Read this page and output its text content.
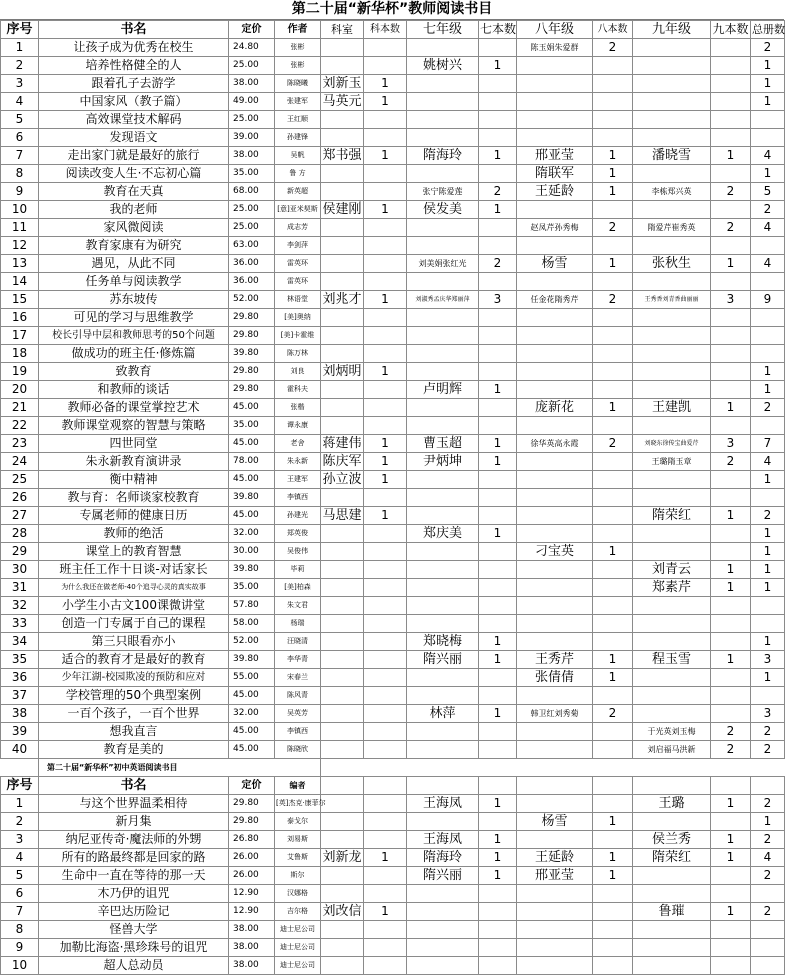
第二十届“新华杯”教师阅读书目
序号	书名	定价	作者	科室	科本数	七年级	七本数	八年级	八本数	九年级	九本数	总册数
1	让孩子成为优秀在校生	24.80	张彬					陈玉娟朱爱群	2			2
2	培养性格健全的人	25.00	张彬			姚树兴	1					1
3	跟着孔子去游学	38.00	陈晓曦	刘新玉	1							1
4	中国家风（教子篇）	49.00	张建军	马英元	1							1
5	高效课堂技术解码	25.00	王红顺									
6	发现语文	39.00	孙建锋									
7	走出家门就是最好的旅行	38.00	吴帆	郑书强	1	隋海玲	1	邢亚莹	1	潘晓雪	1	4
8	阅读改变人生·不忘初心篇	35.00	鲁 方					隋联军	1			1
9	教育在天真	68.00	新英超			张宁陈爱莲	2	王延龄	1	李栋郑兴英	2	5
10	我的老师	25.00	[意]亚米契斯	侯建刚	1	侯发美	1					2
11	家风微阅读	25.00	成志芳					赵凤芹孙秀梅	2	隋爱芹崔秀英	2	4
12	教育家康有为研究	63.00	李剑萍									
13	遇见，从此不同	36.00	雷英环			刘美娟张红光	2	杨雪	1	张秋生	1	4
14	任务单与阅读教学	36.00	雷英环									
15	苏东坡传	52.00	林语堂	刘兆才	1	刘淑秀孟庆华郑丽萍	3	任金花隋秀芹	2	王秀香刘青香曲丽丽	3	9
16	可见的学习与思维教学	29.80	[美]奥纳									
17	校长引导中层和教师思考的50个问题	29.80	[美]卡霍维									
18	做成功的班主任·修炼篇	39.80	陈万林									
19	致教育	29.80	刘良	刘炳明	1							1
20	和教师的谈话	29.80	霍科夫			卢明辉	1					1
21	教师必备的课堂掌控艺术	45.00	张楷					庞新花	1	王建凯	1	2
22	教师课堂观察的智慧与策略	35.00	谭永康									
23	四世同堂	45.00	老舍	蒋建伟	1	曹玉超	1	徐华英高永霞	2	刘晓东徐传宝曲爱芹	3	7
24	朱永新教育演讲录	78.00	朱永新	陈庆军	1	尹炳坤	1			王璐隋玉章	2	4
25	衡中精神	45.00	王建军	孙立波	1							1
26	教与育：名师谈家校教育	39.80	李镇西									
27	专属老师的健康日历	45.00	孙建光	马思建	1					隋荣红	1	2
28	教师的绝活	32.00	郑英俊			郑庆美	1					1
29	课堂上的教育智慧	30.00	吴俊伟					刁宝英	1			1
30	班主任工作十日谈-对话家长	39.80	毕莉							刘青云	1	1
31	为什么我还在做老师-40个追寻心灵的真实故事	35.00	[美]柏森							郑素芹	1	1
32	小学生小古文100课微讲堂	57.80	朱文君									
33	创造一门专属于自己的课程	58.00	杨瑞									
34	第三只眼看亦小	52.00	汪晓清			郑晓梅	1					1
35	适合的教育才是最好的教育	39.80	李华青			隋兴丽	1	王秀芹	1	程玉雪	1	3
36	少年江湖-校园欺凌的预防和应对	55.00	宋春兰					张倩倩	1			1
37	学校管理的50个典型案例	45.00	陈风青									
38	一百个孩子，一百个世界	32.00	吴英芳			林萍	1	韩卫红刘秀菊	2			3
39	想我直言	45.00	李镇西							于光英刘玉梅	2	2
40	教育是美的	45.00	陈晓欣							刘启福马洪新	2	2
	第二十届“新华杯”初中英语阅读书目											
序号	书名	定价	编者									
1	与这个世界温柔相待	29.80	[英]杰克·康菲尔			王海凤	1			王璐	1	2
2	新月集	29.80	泰戈尔					杨雪	1			1
3	纳尼亚传奇·魔法师的外甥	26.80	刘易斯			王海凤	1			侯兰秀	1	2
4	所有的路最终都是回家的路	26.00	艾鲁斯	刘新龙	1	隋海玲	1	王延龄	1	隋荣红	1	4
5	生命中一直在等待的那一天	26.00	斯尔			隋兴丽	1	邢亚莹	1			2
6	木乃伊的诅咒	12.90	汉娜格									
7	辛巴达历险记	12.90	吉尔格	刘改信	1					鲁璀	1	2
8	怪兽大学	38.00	迪士尼公司									
9	加勒比海盗·黑珍珠号的诅咒	38.00	迪士尼公司									
10	超人总动员	38.00	迪士尼公司									
